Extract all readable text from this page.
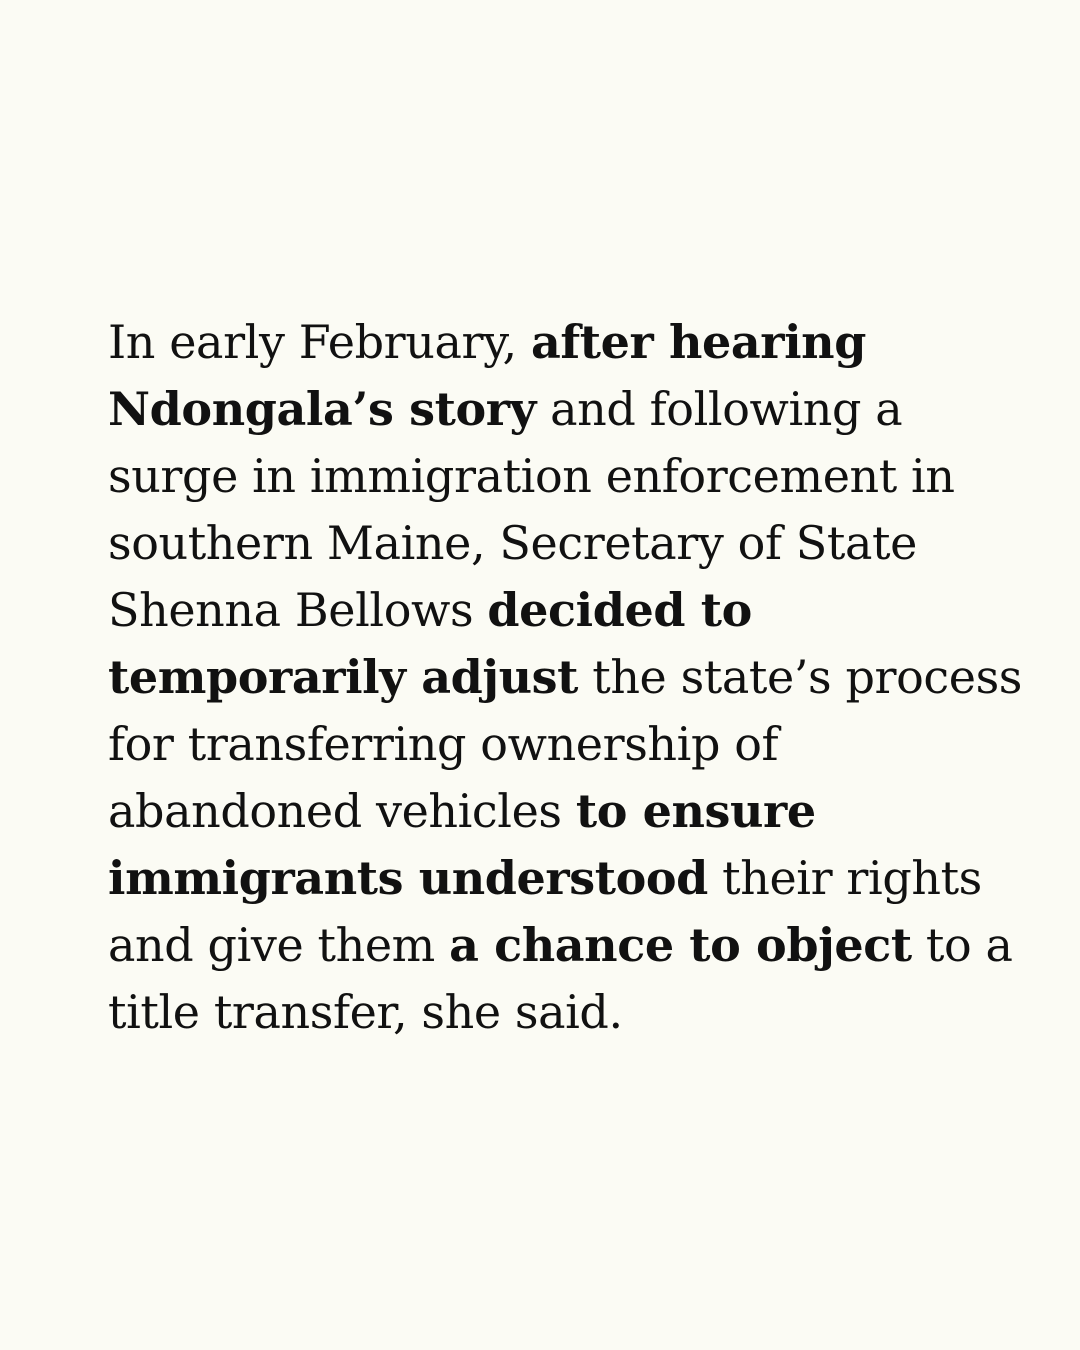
In early February, after hearing
Ndongala’s story and following a
surge in immigration enforcement in
southern Maine, Secretary of State
Shenna Bellows decided to
temporarily adjust the state’s process
for transferring ownership of
abandoned vehicles to ensure
immigrants understood their rights
and give them a chance to object to a
title transfer, she said.
